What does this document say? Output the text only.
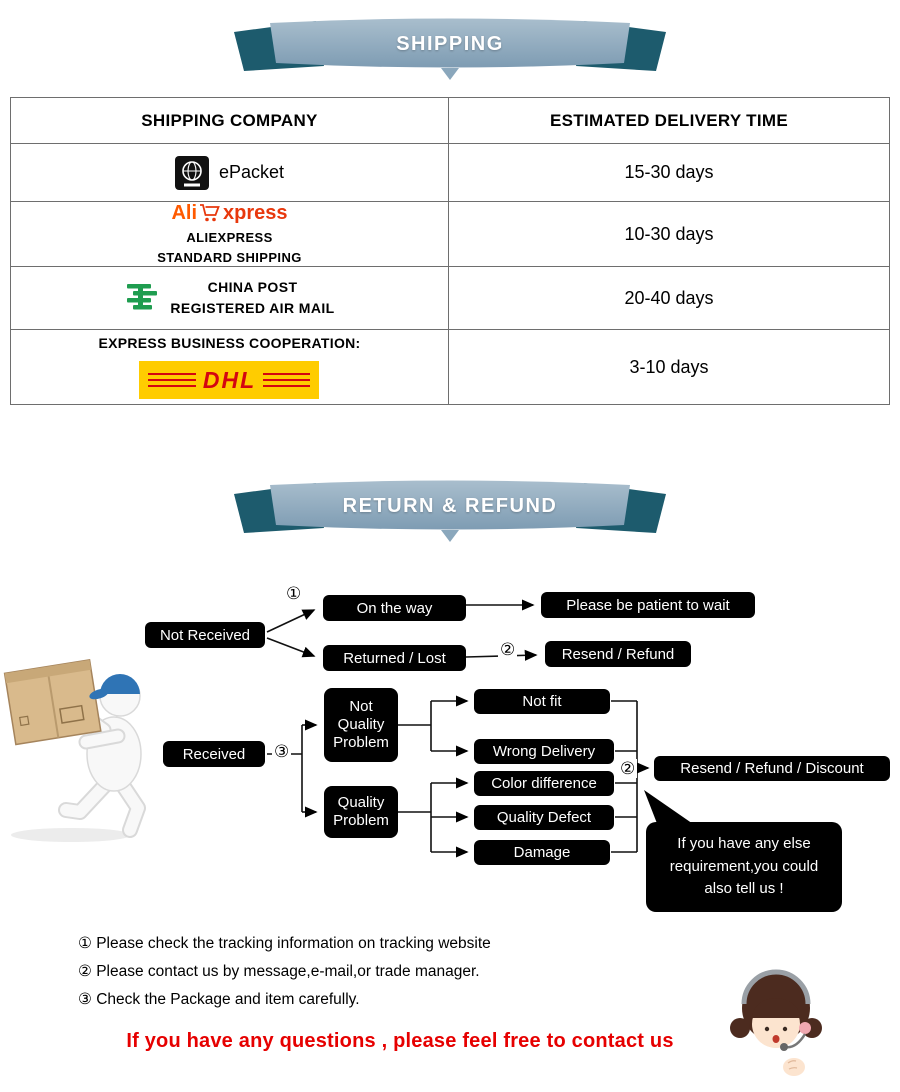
SHIPPING
SHIPPING COMPANY	ESTIMATED DELIVERY TIME
ePacket	15-30 days
Ali xpress
ALIEXPRESS
STANDARD SHIPPING
10-30 days
CHINA POST
REGISTERED AIR MAIL
20-40 days
EXPRESS BUSINESS COOPERATION:
DHL	3-10 days
RETURN & REFUND
Not Received
On the way
Returned / Lost
Please be patient to wait
Resend / Refund
Received
Not
Quality
Problem
Quality
Problem
Not fit
Wrong Delivery
Color difference
Quality Defect
Damage
Resend / Refund / Discount
①
②
③
②
If you have any else
requirement,you could
also tell us !

① Please check the tracking information on tracking website

② Please contact us by message,e-mail,or trade manager.

③ Check the Package and item carefully.

If you have any questions , please feel free to contact us
